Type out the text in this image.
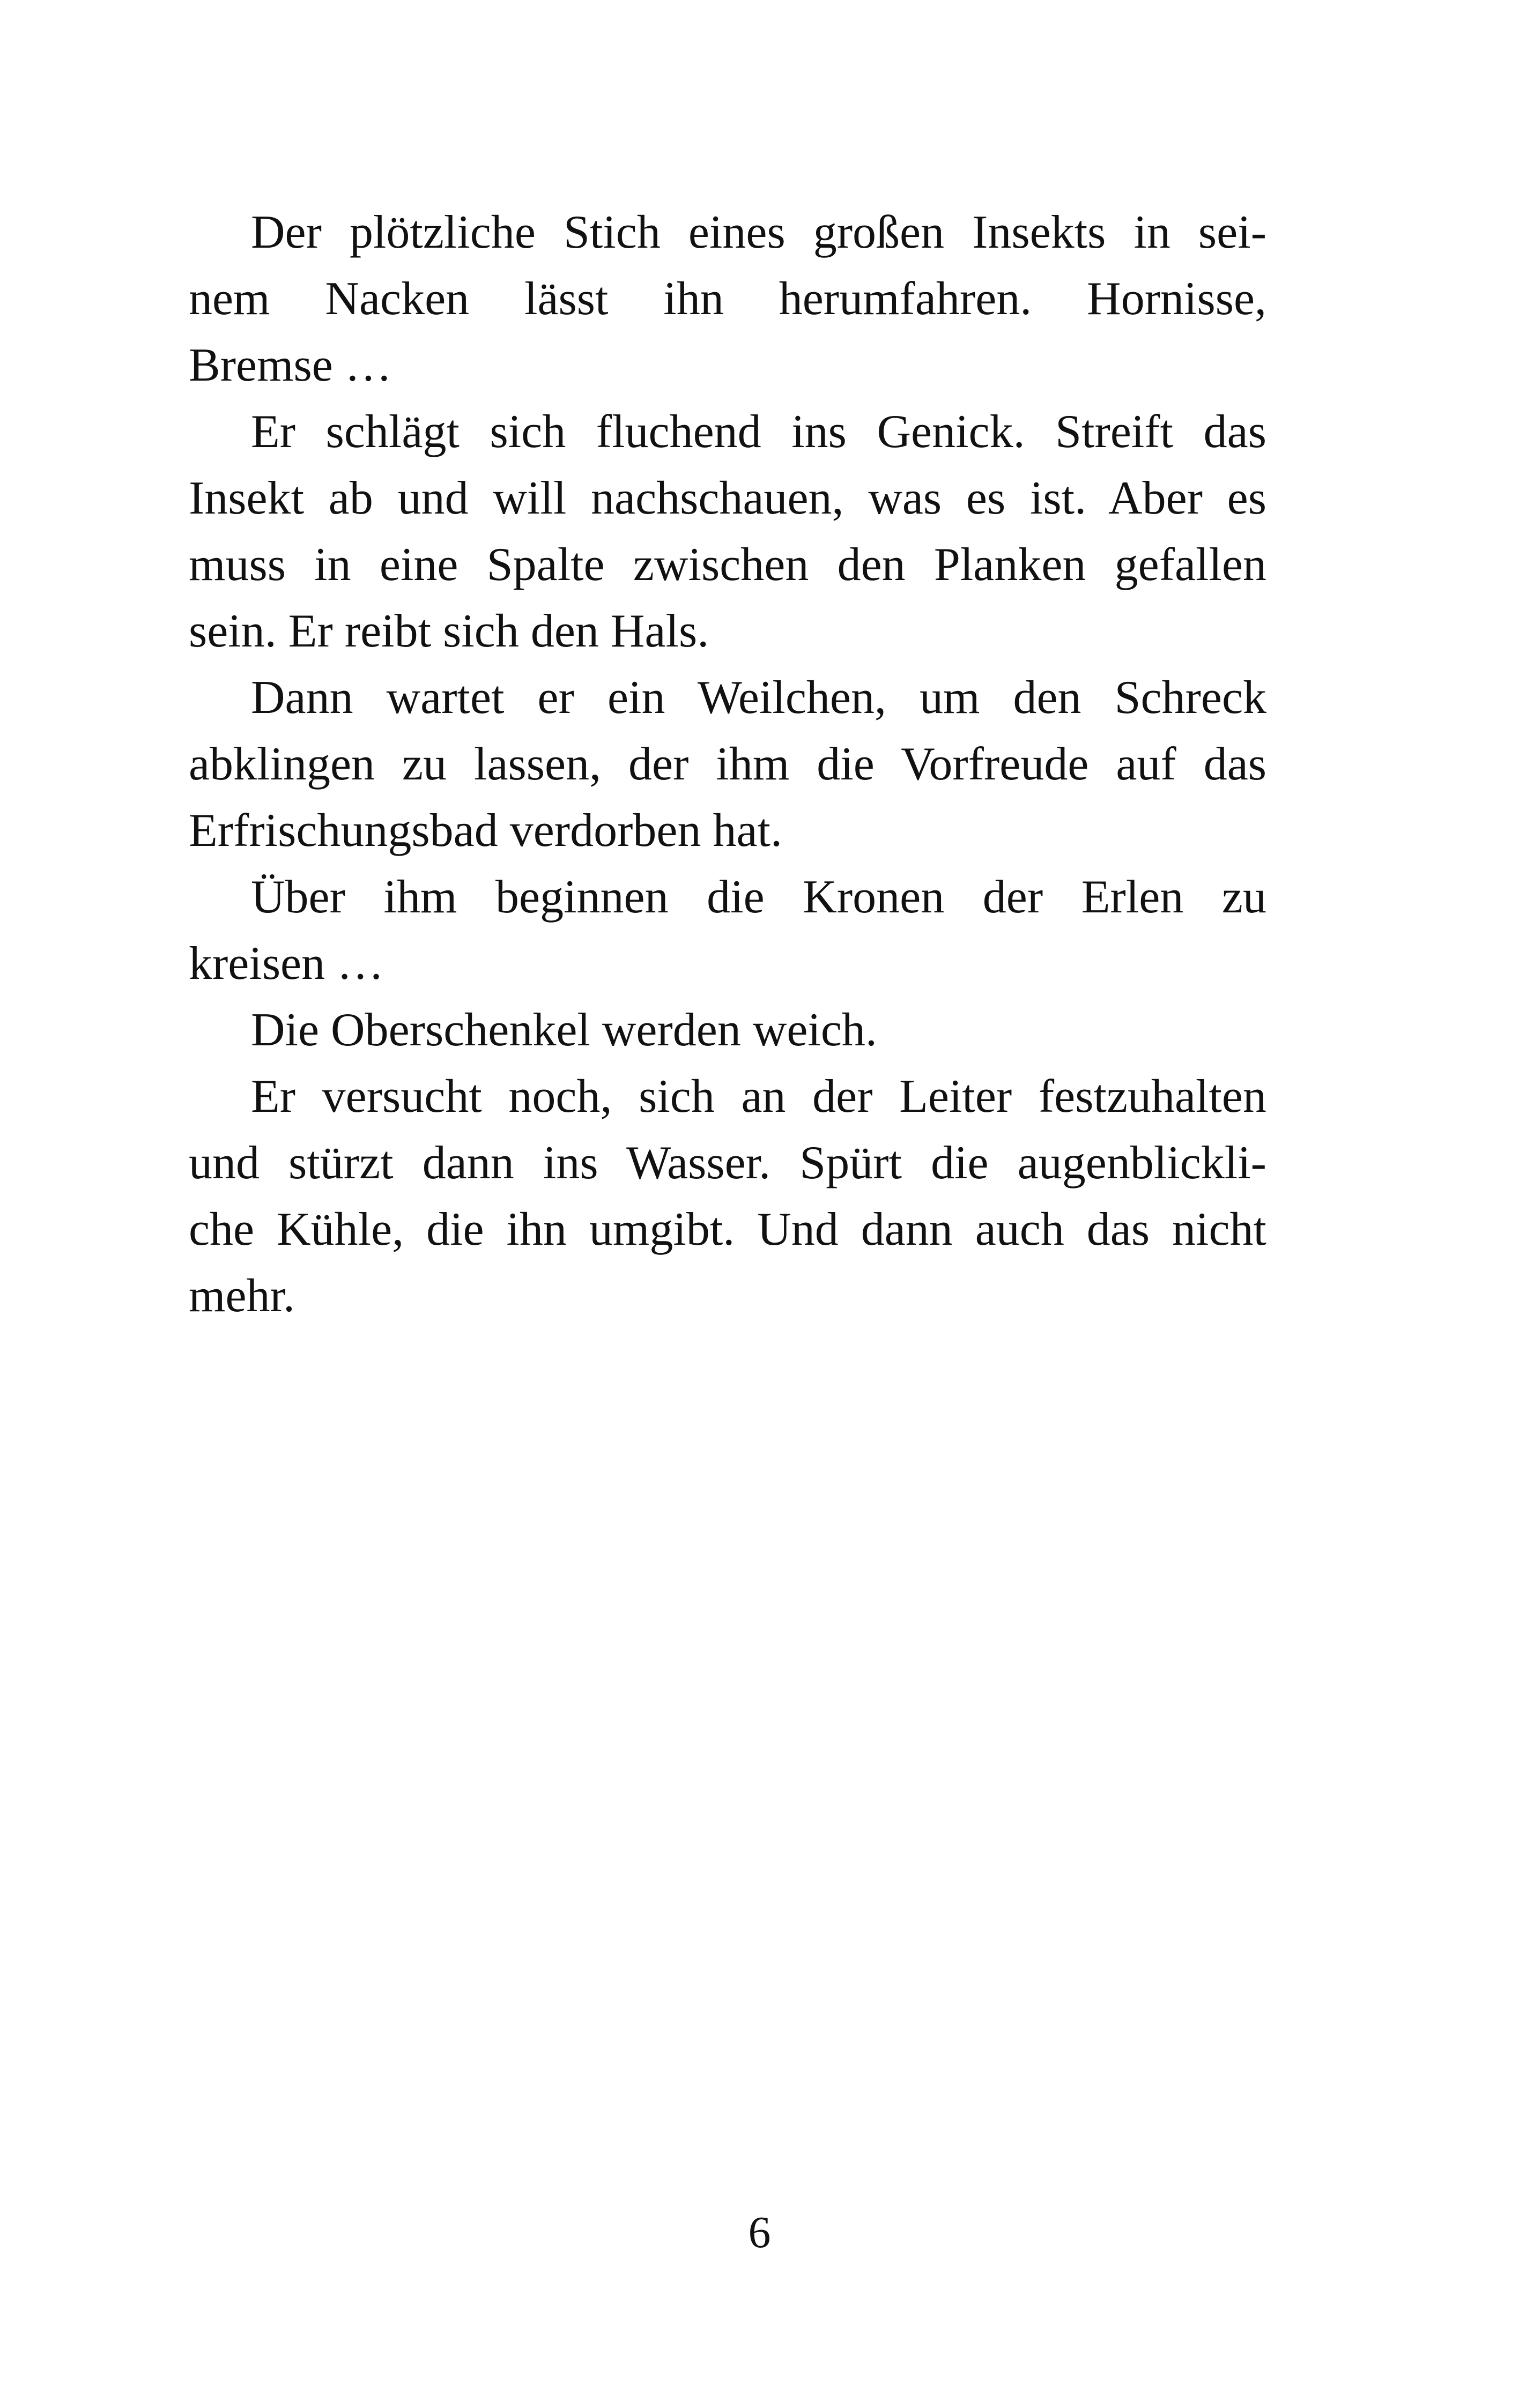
Der plötzliche Stich eines großen Insekts in sei-
nem Nacken lässt ihn herumfahren. Hornisse,
Bremse …
Er schlägt sich fluchend ins Genick. Streift das
Insekt ab und will nachschauen, was es ist. Aber es
muss in eine Spalte zwischen den Planken gefallen
sein. Er reibt sich den Hals.
Dann wartet er ein Weilchen, um den Schreck
abklingen zu lassen, der ihm die Vorfreude auf das
Erfrischungsbad verdorben hat.
Über ihm beginnen die Kronen der Erlen zu
kreisen …
Die Oberschenkel werden weich.
Er versucht noch, sich an der Leiter festzuhalten
und stürzt dann ins Wasser. Spürt die augenblickli-
che Kühle, die ihn umgibt. Und dann auch das nicht
mehr.
6
